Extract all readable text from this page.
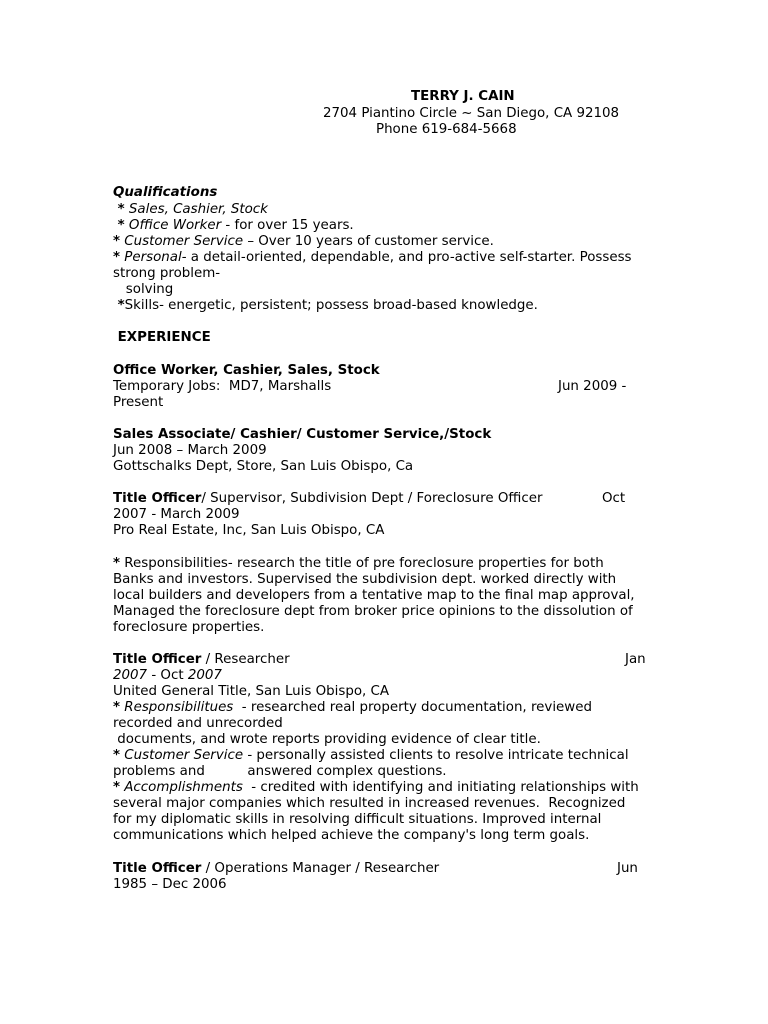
TERRY J. CAIN
2704 Piantino Circle ~ San Diego, CA 92108
Phone 619-684-5668
Qualifications
* Sales, Cashier, Stock
* Office Worker - for over 15 years.
* Customer Service – Over 10 years of customer service.
* Personal- a detail-oriented, dependable, and pro-active self-starter. Possess
strong problem-
solving
*Skills- energetic, persistent; possess broad-based knowledge.
EXPERIENCE
Office Worker, Cashier, Sales, Stock
Temporary Jobs:  MD7, Marshalls	Jun 2009 -
Present
Sales Associate/ Cashier/ Customer Service,/Stock
Jun 2008 – March 2009
Gottschalks Dept, Store, San Luis Obispo, Ca
Title Officer/ Supervisor, Subdivision Dept / Foreclosure Officer	Oct
2007 - March 2009
Pro Real Estate, Inc, San Luis Obispo, CA
* Responsibilities- research the title of pre foreclosure properties for both
Banks and investors. Supervised the subdivision dept. worked directly with
local builders and developers from a tentative map to the final map approval,
Managed the foreclosure dept from broker price opinions to the dissolution of
foreclosure properties.
Title Officer / Researcher	Jan
2007 - Oct 2007
United General Title, San Luis Obispo, CA
* Responsibilitues  - researched real property documentation, reviewed
recorded and unrecorded
documents, and wrote reports providing evidence of clear title.
* Customer Service - personally assisted clients to resolve intricate technical
problems and          answered complex questions.
* Accomplishments  - credited with identifying and initiating relationships with
several major companies which resulted in increased revenues.  Recognized
for my diplomatic skills in resolving difficult situations. Improved internal
communications which helped achieve the company's long term goals.
Title Officer / Operations Manager / Researcher	Jun
1985 – Dec 2006
